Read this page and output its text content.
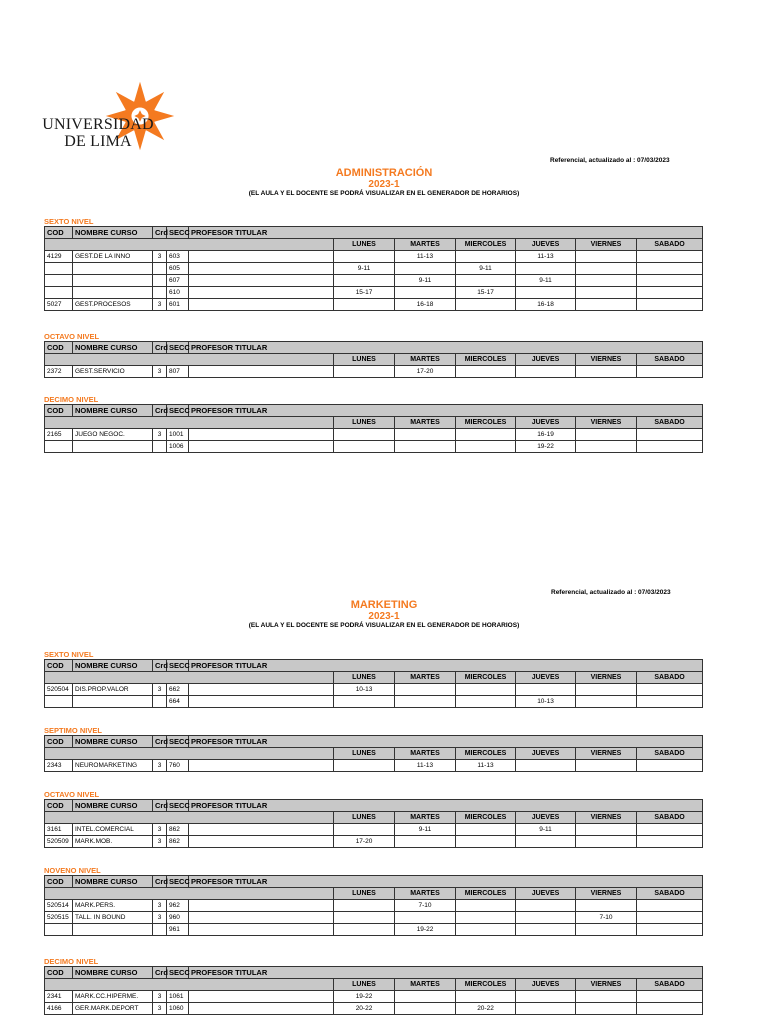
UNIVERSIDAD
DE LIMA
Referencial, actualizado al : 07/03/2023
ADMINISTRACIÓN
2023-1
(EL AULA Y EL DOCENTE SE PODRÁ VISUALIZAR EN EL GENERADOR DE HORARIOS)
SEXTO NIVEL
COD	NOMBRE CURSO	Crd	SECC	PROFESOR TITULAR						
					LUNES	MARTES	MIERCOLES	JUEVES	VIERNES	SABADO
4129	GEST.DE LA INNO	3	603			11-13		11-13		
			605		9-11		9-11			
			607			9-11		9-11		
			610		15-17		15-17			
5027	GEST.PROCESOS	3	601			16-18		16-18		
OCTAVO NIVEL
COD	NOMBRE CURSO	Crd	SECC	PROFESOR TITULAR						
					LUNES	MARTES	MIERCOLES	JUEVES	VIERNES	SABADO
2372	GEST.SERVICIO	3	807			17-20				
DECIMO NIVEL
COD	NOMBRE CURSO	Crd	SECC	PROFESOR TITULAR						
					LUNES	MARTES	MIERCOLES	JUEVES	VIERNES	SABADO
2165	JUEGO NEGOC.	3	1001					16-19		
			1006					19-22		
Referencial, actualizado al : 07/03/2023
MARKETING
2023-1
(EL AULA Y EL DOCENTE SE PODRÁ VISUALIZAR EN EL GENERADOR DE HORARIOS)
SEXTO NIVEL
COD	NOMBRE CURSO	Crd	SECC	PROFESOR TITULAR						
					LUNES	MARTES	MIERCOLES	JUEVES	VIERNES	SABADO
520504	DIS.PROP.VALOR	3	662		10-13					
			664					10-13		
SEPTIMO NIVEL
COD	NOMBRE CURSO	Crd	SECC	PROFESOR TITULAR						
					LUNES	MARTES	MIERCOLES	JUEVES	VIERNES	SABADO
2343	NEUROMARKETING	3	760			11-13	11-13			
OCTAVO NIVEL
COD	NOMBRE CURSO	Crd	SECC	PROFESOR TITULAR						
					LUNES	MARTES	MIERCOLES	JUEVES	VIERNES	SABADO
3161	INTEL.COMERCIAL	3	862			9-11		9-11		
520509	MARK.MOB.	3	862		17-20					
NOVENO NIVEL
COD	NOMBRE CURSO	Crd	SECC	PROFESOR TITULAR						
					LUNES	MARTES	MIERCOLES	JUEVES	VIERNES	SABADO
520514	MARK.PERS.	3	962			7-10				
520515	TALL. IN BOUND	3	960						7-10	
			961			19-22				
DECIMO NIVEL
COD	NOMBRE CURSO	Crd	SECC	PROFESOR TITULAR						
					LUNES	MARTES	MIERCOLES	JUEVES	VIERNES	SABADO
2341	MARK.CC.HIPERME.	3	1061		19-22					
4166	GER.MARK.DEPORT	3	1060		20-22		20-22			
